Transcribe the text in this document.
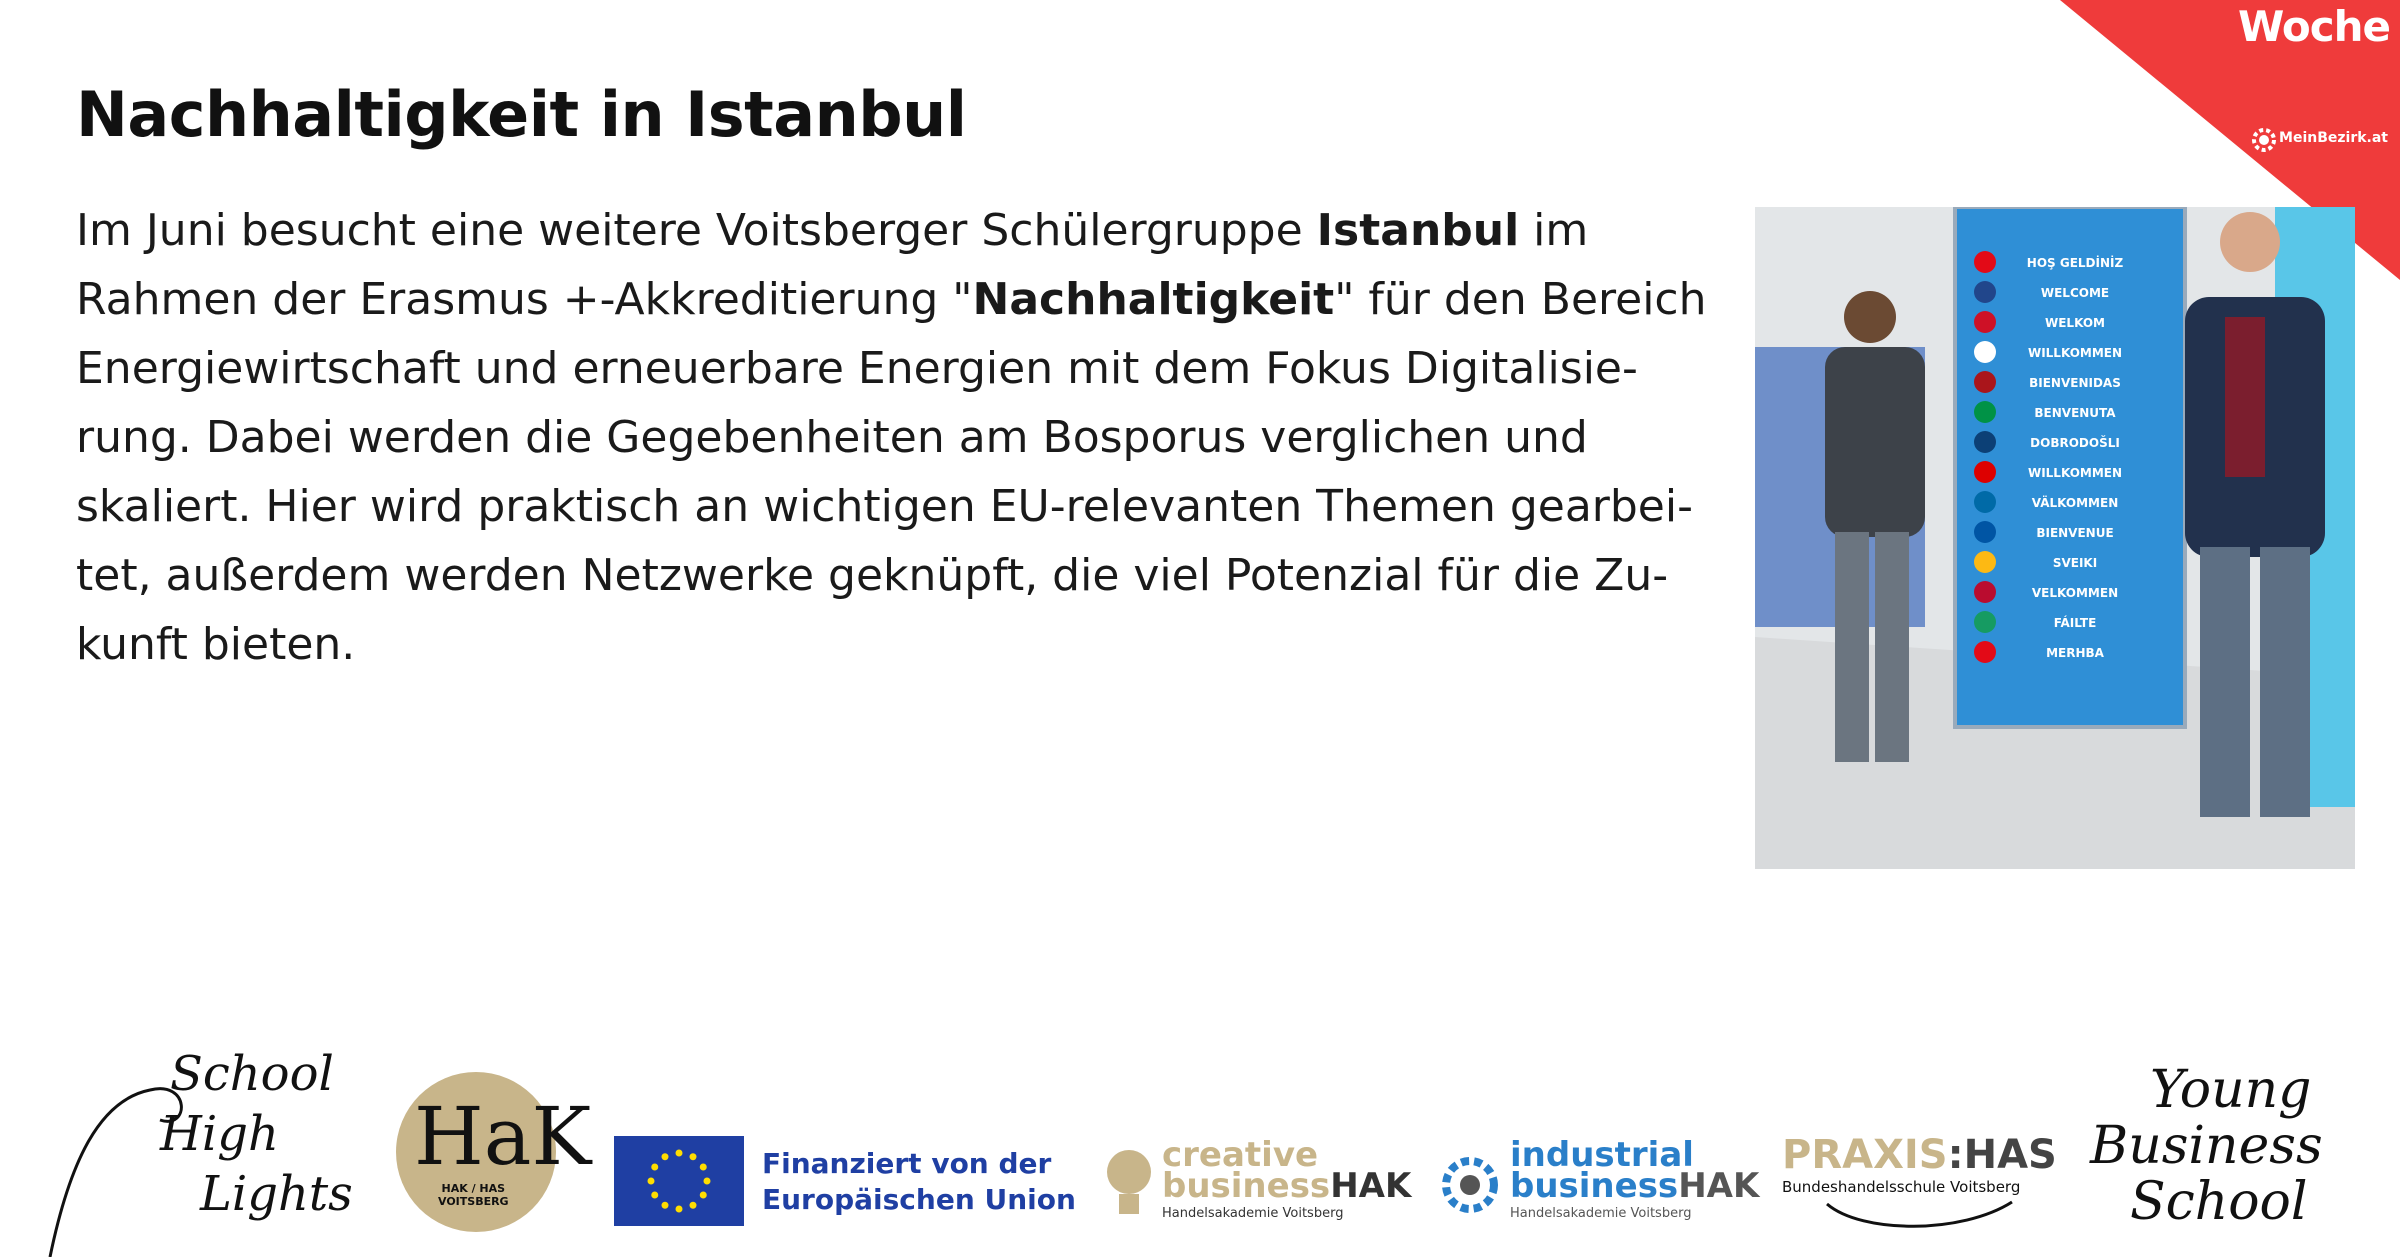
Woche
MeinBezirk.at
Nachhaltigkeit in Istanbul
Im Juni besucht eine weitere Voitsberger Schülergruppe Istanbul im
Rahmen der Erasmus +-Akkreditierung "Nachhaltigkeit" für den Bereich
Energiewirtschaft und erneuerbare Energien mit dem Fokus Digitalisie-
rung. Dabei werden die Gegebenheiten am Bosporus verglichen und
skaliert. Hier wird praktisch an wichtigen EU-relevanten Themen gearbei-
tet, außerdem werden Netzwerke geknüpft, die viel Potenzial für die Zu-
kunft bieten.
HOŞ GELDİNİZ
WELCOME
WELKOM
WILLKOMMEN
BIENVENIDAS
BENVENUTA
DOBRODOŠLI
WILLKOMMEN
VÄLKOMMEN
BIENVENUE
SVEIKI
VELKOMMEN
FÁILTE
MERHBA
School
High
Lights
HaK
HAK / HAS
VOITSBERG
Finanziert von der
Europäischen Union
creative
businessHAK
Handelsakademie Voitsberg
industrial
businessHAK
Handelsakademie Voitsberg
PRAXIS:HAS
Bundeshandelsschule Voitsberg
Young
Business
School
